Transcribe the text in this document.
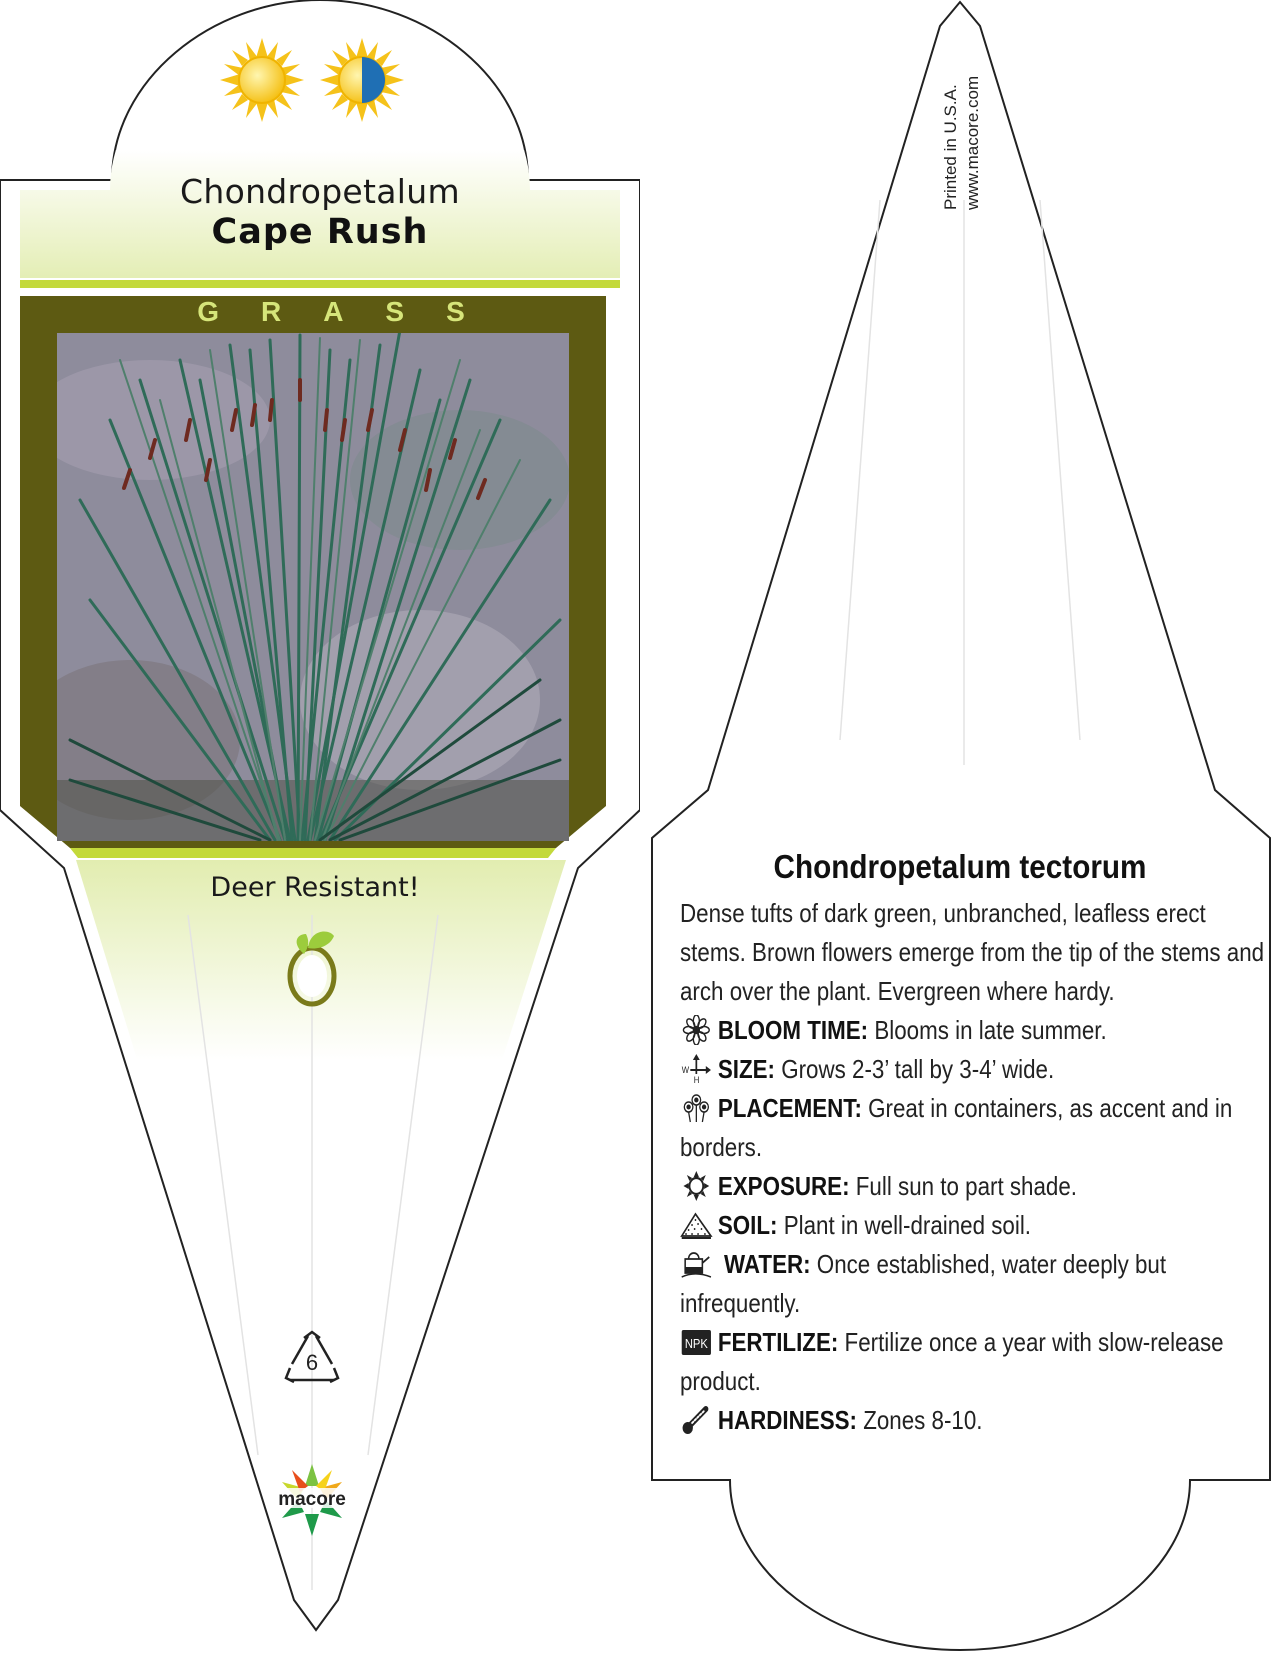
6
macore
Chondropetalum
Cape Rush
GRASS
Deer Resistant!
Printed in U.S.A. www.macore.com
Chondropetalum tectorum
Dense tufts of dark green, unbranched, leafless erect stems. Brown flowers emerge from the tip of the stems and arch over the plant. Evergreen where hardy.
BLOOM TIME: Blooms in late summer.
W
H SIZE: Grows 2-3’ tall by 3-4’ wide.
PLACEMENT: Great in containers, as accent and in borders.
EXPOSURE: Full sun to part shade.
SOIL: Plant in well-drained soil.
WATER: Once established, water deeply but infrequently.
NPK FERTILIZE: Fertilize once a year with slow-release product.
HARDINESS: Zones 8-10.
